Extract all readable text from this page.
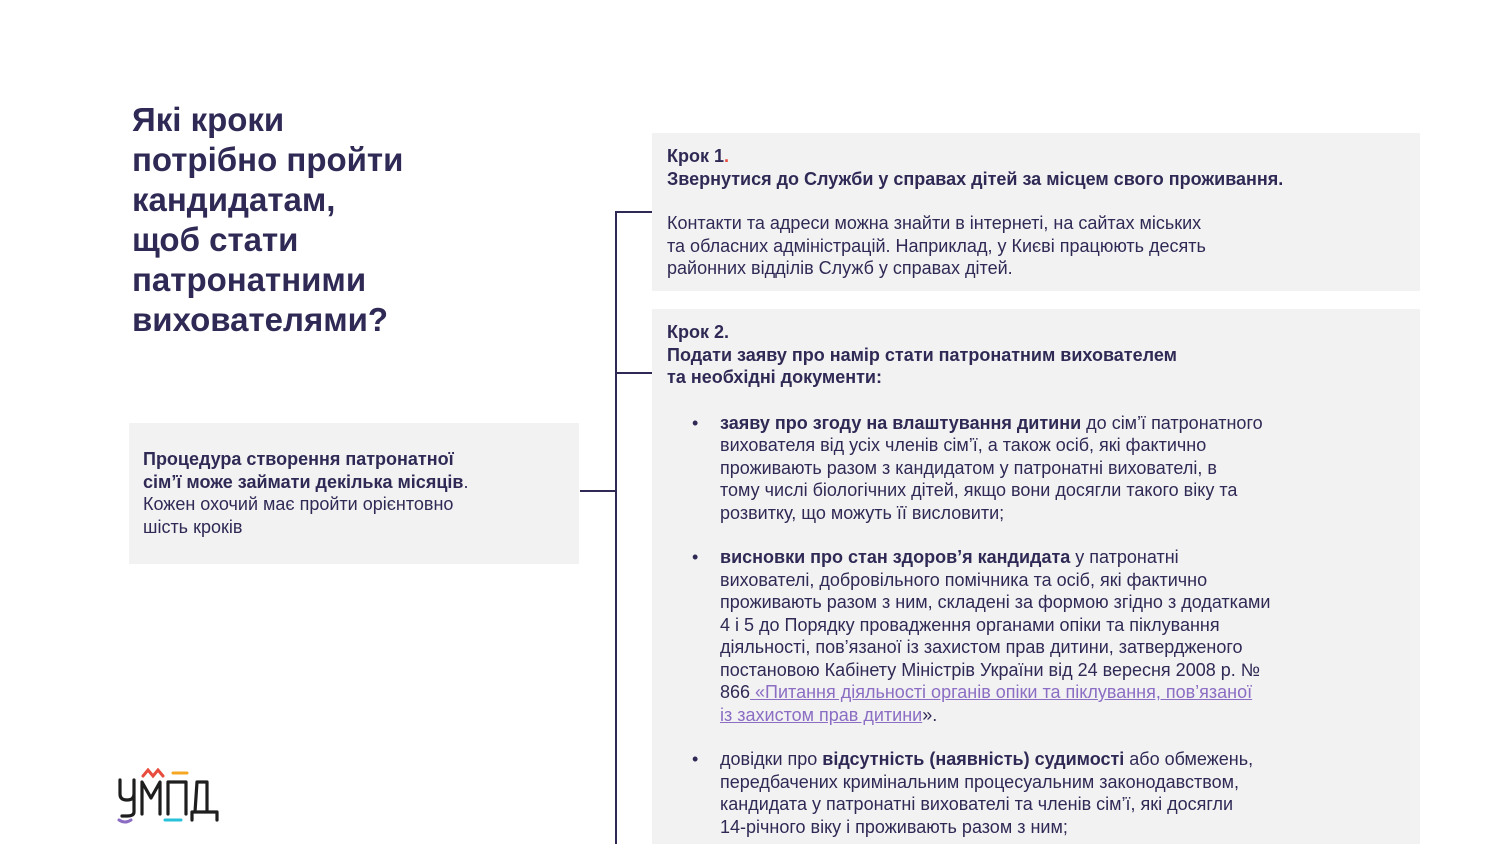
Які кроки
потрібно пройти
кандидатам,
щоб стати
патронатними
вихователями?
Процедура створення патронатної
сім’ї може займати декілька місяців.
Кожен охочий має пройти орієнтовно
шість кроків
Крок 1.
Звернутися до Служби у справах дітей за місцем свого проживання.
Контакти та адреси можна знайти в інтернеті, на сайтах міських
та обласних адміністрацій. Наприклад, у Києві працюють десять
районних відділів Служб у справах дітей.
Крок 2.
Подати заяву про намір стати патронатним вихователем
та необхідні документи:
• заяву про згоду на влаштування дитини до сім’ї патронатного
вихователя від усіх членів сім’ї, а також осіб, які фактично
проживають разом з кандидатом у патронатні вихователі, в
тому числі біологічних дітей, якщо вони досягли такого віку та
розвитку, що можуть її висловити;
• висновки про стан здоров’я кандидата у патронатні
вихователі, добровільного помічника та осіб, які фактично
проживають разом з ним, складені за формою згідно з додатками
4 і 5 до Порядку провадження органами опіки та піклування
діяльності, пов’язаної із захистом прав дитини, затвердженого
постановою Кабінету Міністрів України від 24 вересня 2008 р. №
866 «Питання діяльності органів опіки та піклування, пов’язаної
із захистом прав дитини».
• довідки про відсутність (наявність) судимості або обмежень,
передбачених кримінальним процесуальним законодавством,
кандидата у патронатні вихователі та членів сім’ї, які досягли
14-річного віку і проживають разом з ним;
